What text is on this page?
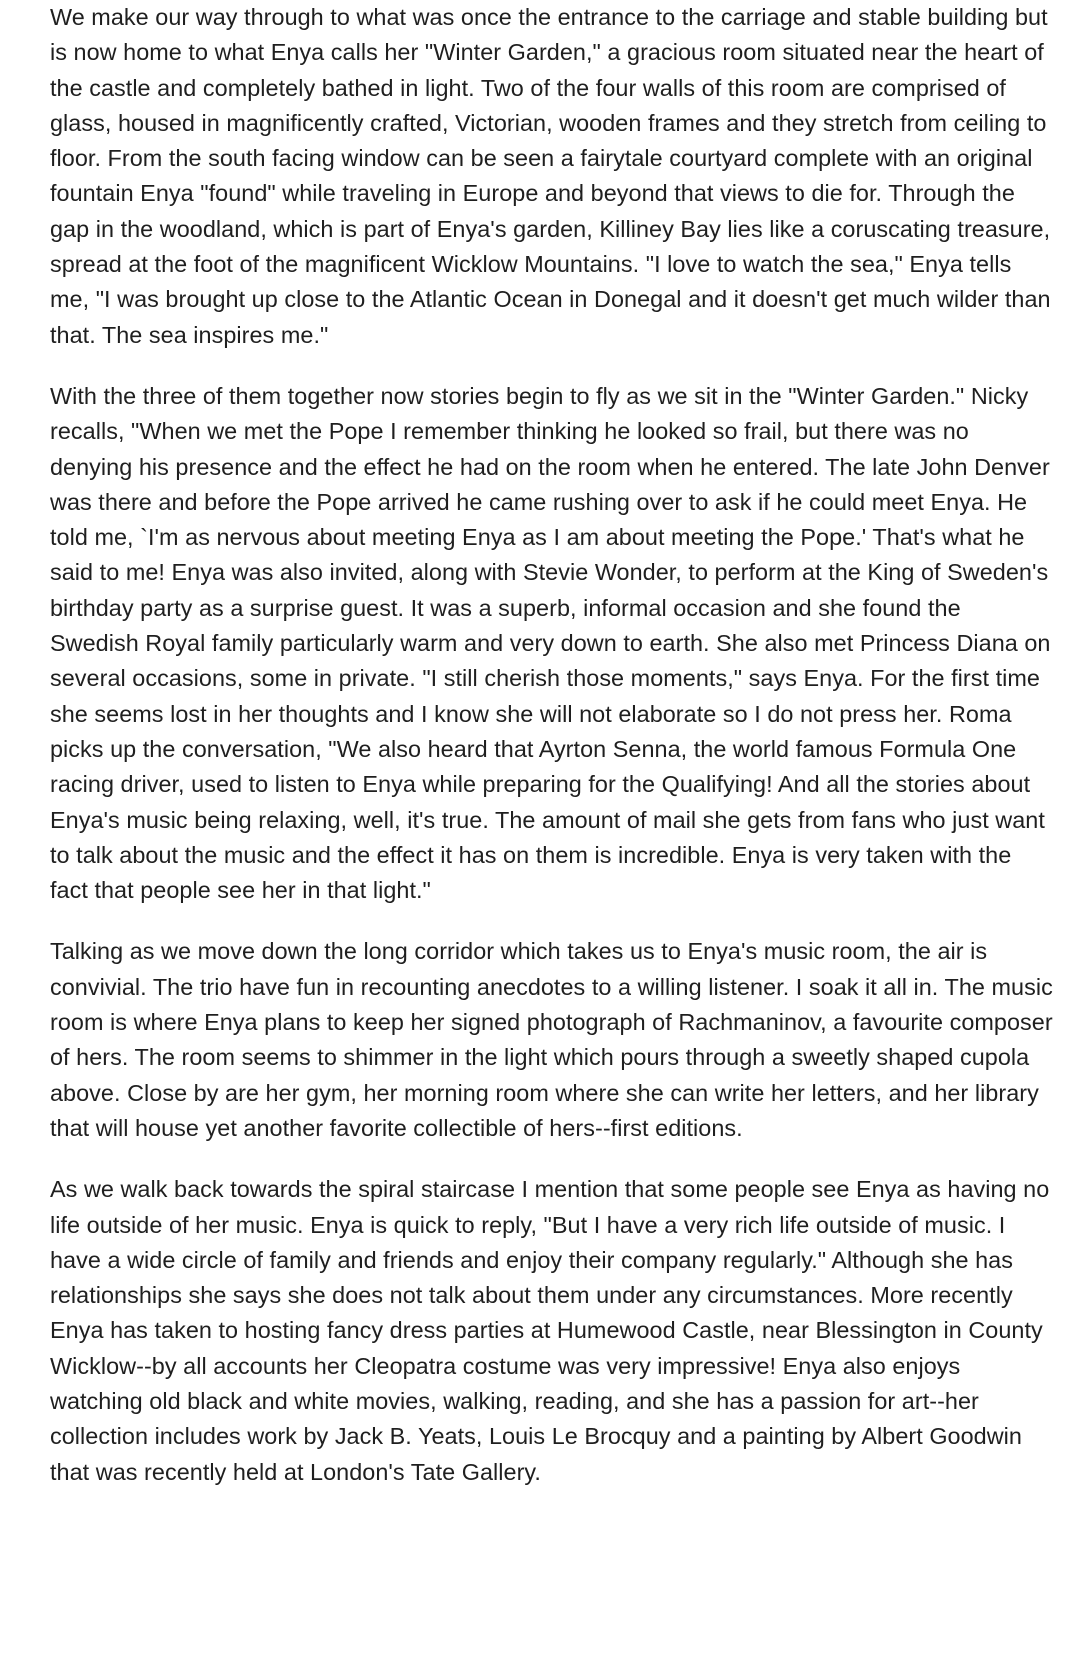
We make our way through to what was once the entrance to the carriage and stable building but is now home to what Enya calls her "Winter Garden," a gracious room situated near the heart of the castle and completely bathed in light. Two of the four walls of this room are comprised of glass, housed in magnificently crafted, Victorian, wooden frames and they stretch from ceiling to floor. From the south facing window can be seen a fairytale courtyard complete with an original fountain Enya "found" while traveling in Europe and beyond that views to die for. Through the gap in the woodland, which is part of Enya's garden, Killiney Bay lies like a coruscating treasure, spread at the foot of the magnificent Wicklow Mountains. "I love to watch the sea," Enya tells me, "I was brought up close to the Atlantic Ocean in Donegal and it doesn't get much wilder than that. The sea inspires me."

With the three of them together now stories begin to fly as we sit in the "Winter Garden." Nicky recalls, "When we met the Pope I remember thinking he looked so frail, but there was no denying his presence and the effect he had on the room when he entered. The late John Denver was there and before the Pope arrived he came rushing over to ask if he could meet Enya. He told me, `I'm as nervous about meeting Enya as I am about meeting the Pope.' That's what he said to me! Enya was also invited, along with Stevie Wonder, to perform at the King of Sweden's birthday party as a surprise guest. It was a superb, informal occasion and she found the Swedish Royal family particularly warm and very down to earth. She also met Princess Diana on several occasions, some in private. "I still cherish those moments," says Enya. For the first time she seems lost in her thoughts and I know she will not elaborate so I do not press her. Roma picks up the conversation, "We also heard that Ayrton Senna, the world famous Formula One racing driver, used to listen to Enya while preparing for the Qualifying! And all the stories about Enya's music being relaxing, well, it's true. The amount of mail she gets from fans who just want to talk about the music and the effect it has on them is incredible. Enya is very taken with the fact that people see her in that light."

Talking as we move down the long corridor which takes us to Enya's music room, the air is convivial. The trio have fun in recounting anecdotes to a willing listener. I soak it all in. The music room is where Enya plans to keep her signed photograph of Rachmaninov, a favourite composer of hers. The room seems to shimmer in the light which pours through a sweetly shaped cupola above. Close by are her gym, her morning room where she can write her letters, and her library that will house yet another favorite collectible of hers--first editions.

As we walk back towards the spiral staircase I mention that some people see Enya as having no life outside of her music. Enya is quick to reply, "But I have a very rich life outside of music. I have a wide circle of family and friends and enjoy their company regularly." Although she has relationships she says she does not talk about them under any circumstances. More recently Enya has taken to hosting fancy dress parties at Humewood Castle, near Blessington in County Wicklow--by all accounts her Cleopatra costume was very impressive! Enya also enjoys watching old black and white movies, walking, reading, and she has a passion for art--her collection includes work by Jack B. Yeats, Louis Le Brocquy and a painting by Albert Goodwin that was recently held at London's Tate Gallery.
